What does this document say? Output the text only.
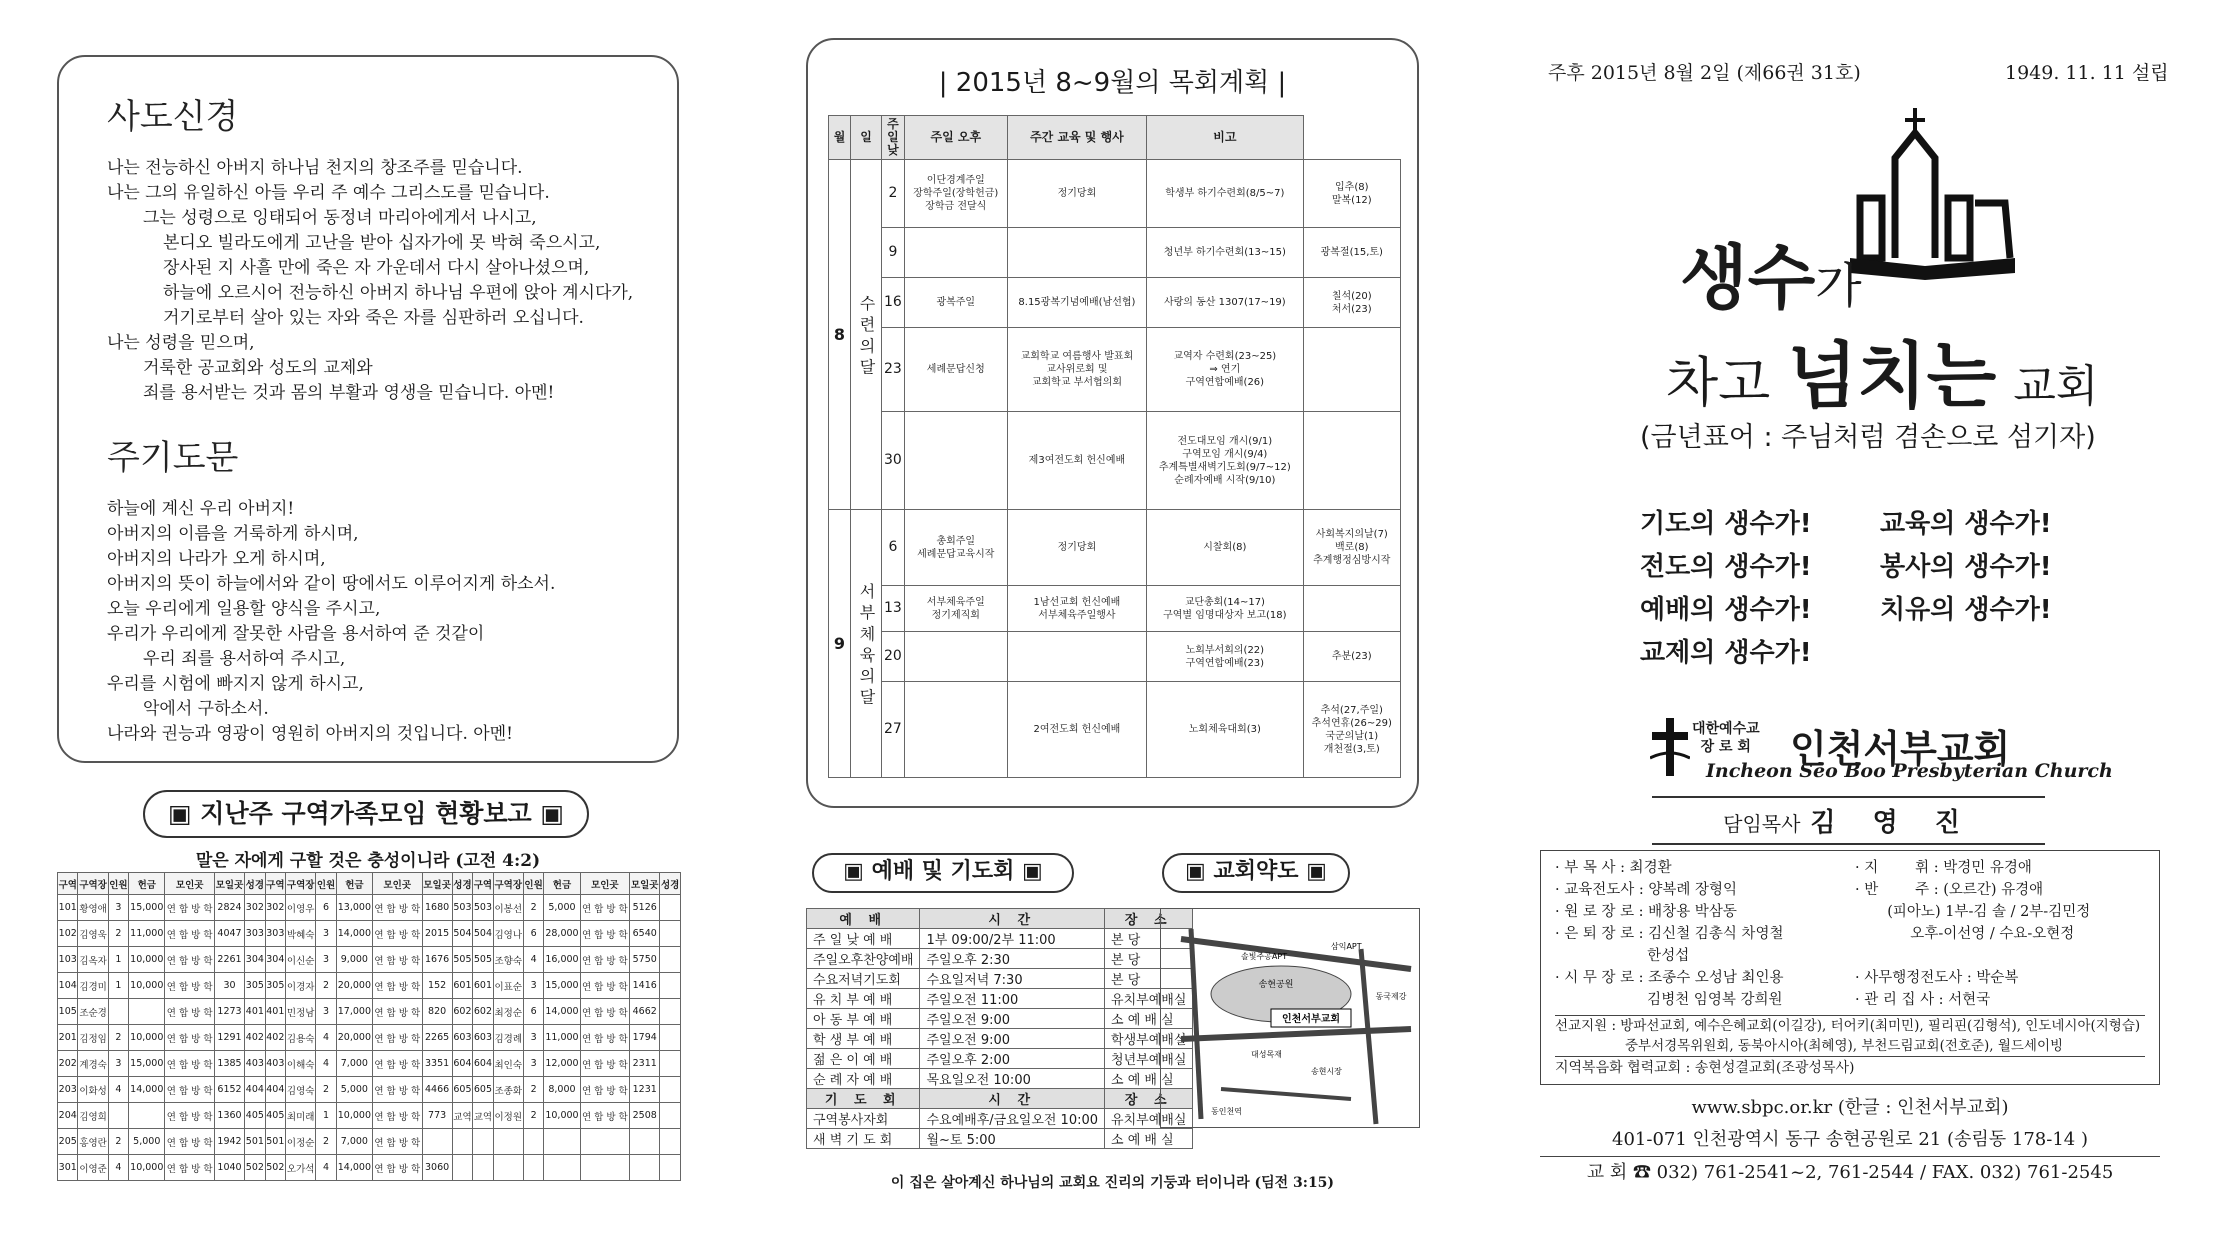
사도신경
나는 전능하신 아버지 하나님 천지의 창조주를 믿습니다.
나는 그의 유일하신 아들 우리 주 예수 그리스도를 믿습니다.
그는 성령으로 잉태되어 동정녀 마리아에게서 나시고,
본디오 빌라도에게 고난을 받아 십자가에 못 박혀 죽으시고,
장사된 지 사흘 만에 죽은 자 가운데서 다시 살아나셨으며,
하늘에 오르시어 전능하신 아버지 하나님 우편에 앉아 계시다가,
거기로부터 살아 있는 자와 죽은 자를 심판하러 오십니다.
나는 성령을 믿으며,
거룩한 공교회와 성도의 교제와
죄를 용서받는 것과 몸의 부활과 영생을 믿습니다. 아멘!
주기도문
하늘에 계신 우리 아버지!
아버지의 이름을 거룩하게 하시며,
아버지의 나라가 오게 하시며,
아버지의 뜻이 하늘에서와 같이 땅에서도 이루어지게 하소서.
오늘 우리에게 일용할 양식을 주시고,
우리가 우리에게 잘못한 사람을 용서하여 준 것같이
우리 죄를 용서하여 주시고,
우리를 시험에 빠지지 않게 하시고,
악에서 구하소서.
나라와 권능과 영광이 영원히 아버지의 것입니다. 아멘!
▣ 지난주 구역가족모임 현황보고 ▣
말은 자에게 구할 것은 충성이니라 (고전 4:2)
구역	구역장	인원	헌금	모인곳	모일곳	성경	구역	구역장	인원	헌금	모인곳	모일곳	성경	구역	구역장	인원	헌금	모인곳	모일곳	성경
101	황영애	3	15,000	연 합 방 학	2824	302	302	이영우	6	13,000	연 합 방 학	1680	503	503	이봉선	2	5,000	연 합 방 학	5126	
102	김영욱	2	11,000	연 합 방 학	4047	303	303	박혜숙	3	14,000	연 합 방 학	2015	504	504	김영나	6	28,000	연 합 방 학	6540	
103	김옥자	1	10,000	연 합 방 학	2261	304	304	이신순	3	9,000	연 합 방 학	1676	505	505	조향숙	4	16,000	연 합 방 학	5750	
104	김경미	1	10,000	연 합 방 학	30	305	305	이경자	2	20,000	연 합 방 학	152	601	601	이표순	3	15,000	연 합 방 학	1416	
105	조순경			연 합 방 학	1273	401	401	민정남	3	17,000	연 합 방 학	820	602	602	최정순	6	14,000	연 합 방 학	4662	
201	김정임	2	10,000	연 합 방 학	1291	402	402	김용숙	4	20,000	연 합 방 학	2265	603	603	김경례	3	11,000	연 합 방 학	1794	
202	계경숙	3	15,000	연 합 방 학	1385	403	403	이해숙	4	7,000	연 합 방 학	3351	604	604	최인숙	3	12,000	연 합 방 학	2311	
203	이화성	4	14,000	연 합 방 학	6152	404	404	김영숙	2	5,000	연 합 방 학	4466	605	605	조종화	2	8,000	연 합 방 학	1231	
204	김영희			연 합 방 학	1360	405	405	최미래	1	10,000	연 합 방 학	773	교역	교역	이정원	2	10,000	연 합 방 학	2508	
205	홍영란	2	5,000	연 합 방 학	1942	501	501	이정순	2	7,000	연 합 방 학									
301	이영준	4	10,000	연 합 방 학	1040	502	502	오가석	4	14,000	연 합 방 학	3060								
| 2015년 8~9월의 목회계획 |
월	일	주일 낮	주일 오후	주간 교육 및 행사	비고	
8	수 련 의 달	2	이단경계주일
장학주일(장학헌금)
장학금 전달식	정기당회	학생부 하기수련회(8/5~7)	입추(8)
말복(12)
		9			청년부 하기수련회(13~15)	광복절(15,토)
		16	광복주일	8.15광복기념예배(남선협)	사랑의 동산 1307(17~19)	칠석(20)
처서(23)
		23	세례문답신청	교회학교 여름행사 발표회
교사위로회 및
교회학교 부서협의회	교역자 수련회(23~25)
⇒ 연기
구역연합예배(26)	
		30		제3여전도회 헌신예배	전도대모임 개시(9/1)
구역모임 개시(9/4)
추계특별새벽기도회(9/7~12)
순례자예배 시작(9/10)	
9	서 부 체 육 의 달	6	총회주일
세례문답교육시작	정기당회	시찰회(8)	사회복지의날(7)
백로(8)
추계행정심방시작
		13	서부체육주일
정기제직회	1남선교회 헌신예배
서부체육주일행사	교단총회(14~17)
구역별 임명대상자 보고(18)	
		20			노회부서회의(22)
구역연합예배(23)	추분(23)
		27		2여전도회 헌신예배	노회체육대회(3)	추석(27,주일)
추석연휴(26~29)
국군의날(1)
개천절(3,토)
▣ 예배 및 기도회 ▣	▣ 교회약도 ▣
예 배	시 간	장 소
주 일 낮 예 배	1부 09:00/2부 11:00	본 당
주일오후찬양예배	주일오후 2:30	본 당
수요저녁기도회	수요일저녁 7:30	본 당
유 치 부 예 배	주일오전 11:00	유치부예배실
아 동 부 예 배	주일오전 9:00	소 예 배 실
학 생 부 예 배	주일오전 9:00	학생부예배실
젊 은 이 예 배	주일오후 2:00	청년부예배실
순 례 자 예 배	목요일오전 10:00	소 예 배 실
기 도 회	시 간	장 소
구역봉사자회	수요예배후/금요일오전 10:00	유치부예배실
새 벽 기 도 회	월~토 5:00	소 예 배 실
인천서부교회
송현공원
동국제강
솔빛주공APT
송현시장
대성목재
동인천역
삼익APT
이 집은 살아계신 하나님의 교회요 진리의 기둥과 터이니라 (딤전 3:15)
주후 2015년 8월 2일 (제66권 31호)	1949. 11. 11 설립
생수가
차고 넘치는 교회
(금년표어 : 주님처럼 겸손으로 섬기자)
기도의 생수가!	교육의 생수가!
전도의 생수가!	봉사의 생수가!
예배의 생수가!	치유의 생수가!
교제의 생수가!
대한예수교
장 로 회 인천서부교회
Incheon Seo Boo Presbyterian Church
담임목사 김 영 진
· 부 목 사 : 최경환
· 교육전도사 : 양복례 장형익
· 원 로 장 로 : 배창용 박삼동
· 은 퇴 장 로 : 김신철 김총식 차영철
한성섭
· 시 무 장 로 : 조종수 오성남 최인용
김병천 임영복 강희원
· 지        휘 : 박경민 유경애
· 반        주 : (오르간) 유경애
(피아노) 1부-김 솔 / 2부-김민정
오후-이선영 / 수요-오현정
· 사무행정전도사 : 박순복
· 관 리 집 사 : 서현국
선교지원 : 방파선교회, 예수은혜교회(이길강), 터어키(최미민), 필리핀(김형석), 인도네시아(지형습)
중부서경목위원회, 동북아시아(최혜영), 부천드림교회(전호준), 월드세이빙
지역복음화 협력교회 : 송현성결교회(조광성목사)
www.sbpc.or.kr (한글 : 인천서부교회)
401-071 인천광역시 동구 송현공원로 21 (송림동 178-14 )
교 회 ☎ 032) 761-2541~2, 761-2544 / FAX. 032) 761-2545
